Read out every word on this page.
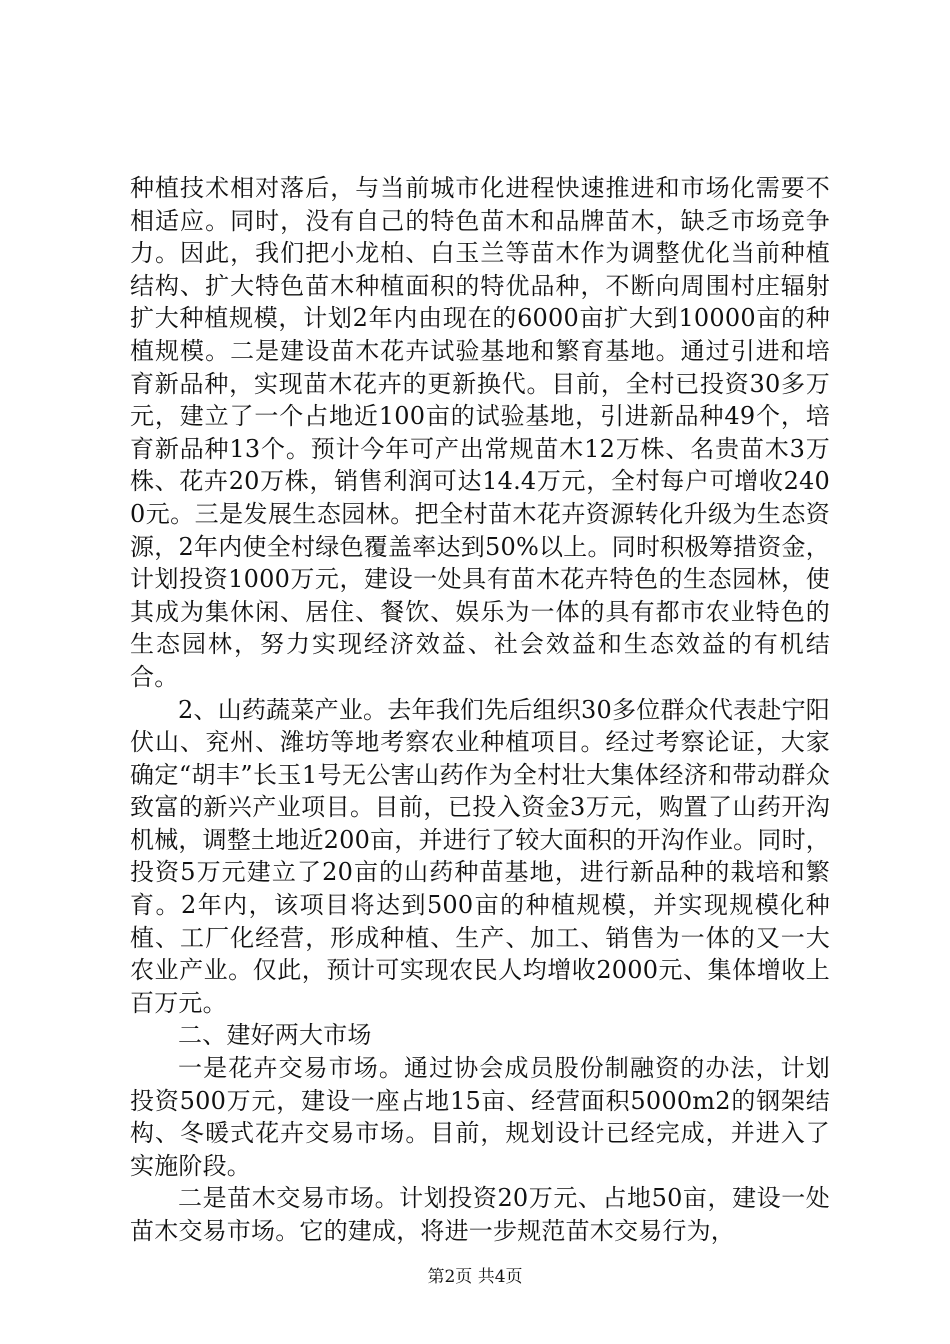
种植技术相对落后，与当前城市化进程快速推进和市场化需要不相适应。同时，没有自己的特色苗木和品牌苗木，缺乏市场竞争力。因此，我们把小龙柏、白玉兰等苗木作为调整优化当前种植结构、扩大特色苗木种植面积的特优品种，不断向周围村庄辐射扩大种植规模，计划2年内由现在的6000亩扩大到10000亩的种植规模。二是建设苗木花卉试验基地和繁育基地。通过引进和培育新品种，实现苗木花卉的更新换代。目前，全村已投资30多万元，建立了一个占地近100亩的试验基地，引进新品种49个，培育新品种13个。预计今年可产出常规苗木12万株、名贵苗木3万株、花卉20万株，销售利润可达14.4万元，全村每户可增收2400元。三是发展生态园林。把全村苗木花卉资源转化升级为生态资源，2年内使全村绿色覆盖率达到50%以上。同时积极筹措资金，计划投资1000万元，建设一处具有苗木花卉特色的生态园林，使其成为集休闲、居住、餐饮、娱乐为一体的具有都市农业特色的生态园林，努力实现经济效益、社会效益和生态效益的有机结合。

2、山药蔬菜产业。去年我们先后组织30多位群众代表赴宁阳伏山、兖州、潍坊等地考察农业种植项目。经过考察论证，大家确定“胡丰”长玉1号无公害山药作为全村壮大集体经济和带动群众致富的新兴产业项目。目前，已投入资金3万元，购置了山药开沟机械，调整土地近200亩，并进行了较大面积的开沟作业。同时，投资5万元建立了20亩的山药种苗基地，进行新品种的栽培和繁育。2年内，该项目将达到500亩的种植规模，并实现规模化种植、工厂化经营，形成种植、生产、加工、销售为一体的又一大农业产业。仅此，预计可实现农民人均增收2000元、集体增收上百万元。

二、建好两大市场

一是花卉交易市场。通过协会成员股份制融资的办法，计划投资500万元，建设一座占地15亩、经营面积5000m2的钢架结构、冬暖式花卉交易市场。目前，规划设计已经完成，并进入了实施阶段。

二是苗木交易市场。计划投资20万元、占地50亩，建设一处苗木交易市场。它的建成，将进一步规范苗木交易行为，

第2页 共4页
